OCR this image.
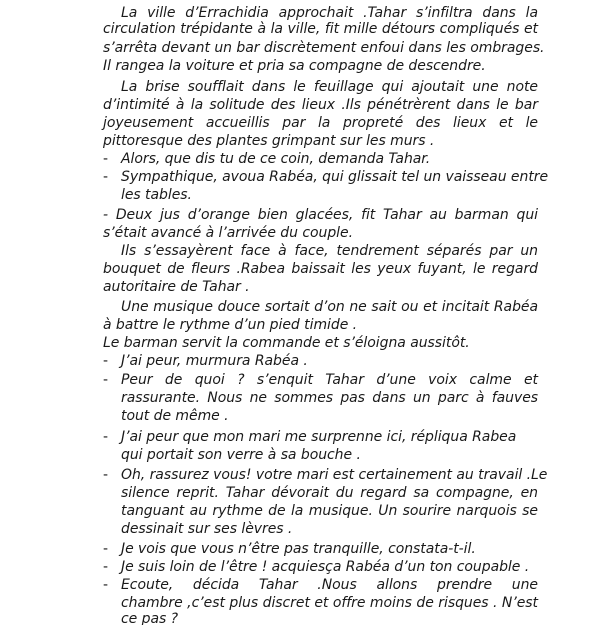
La ville d’Errachidia approchait .Tahar s’infiltra dans la
circulation trépidante à la ville, fit mille détours compliqués et
s’arrêta devant un bar discrètement enfoui dans les ombrages.
Il rangea la voiture et pria sa compagne de descendre.
La brise soufflait dans le feuillage qui ajoutait une note
d’intimité à la solitude des lieux .Ils pénétrèrent dans le bar
joyeusement accueillis par la propreté des lieux et le
pittoresque des plantes grimpant sur les murs .
- Alors, que dis tu de ce coin, demanda Tahar.
- Sympathique, avoua Rabéa, qui glissait tel un vaisseau entre
les tables.
- Deux jus d’orange bien glacées, fit Tahar au barman qui
s’était avancé à l’arrivée du couple.
Ils s’essayèrent face à face, tendrement séparés par un
bouquet de fleurs .Rabea baissait les yeux fuyant, le regard
autoritaire de Tahar .
Une musique douce sortait d’on ne sait ou et incitait Rabéa
à battre le rythme d’un pied timide .
Le barman servit la commande et s’éloigna aussitôt.
- J’ai peur, murmura Rabéa .
- Peur de quoi ? s’enquit Tahar d’une voix calme et
rassurante. Nous ne sommes pas dans un parc à fauves
tout de même .
- J’ai peur que mon mari me surprenne ici, répliqua Rabea
qui portait son verre à sa bouche .
- Oh, rassurez vous! votre mari est certainement au travail .Le
silence reprit. Tahar dévorait du regard sa compagne, en
tanguant au rythme de la musique. Un sourire narquois se
dessinait sur ses lèvres .
- Je vois que vous n’être pas tranquille, constata-t-il.
- Je suis loin de l’être ! acquiesça Rabéa d’un ton coupable .
- Ecoute, décida Tahar .Nous allons prendre une
chambre ,c’est plus discret et offre moins de risques . N’est
ce pas ?
